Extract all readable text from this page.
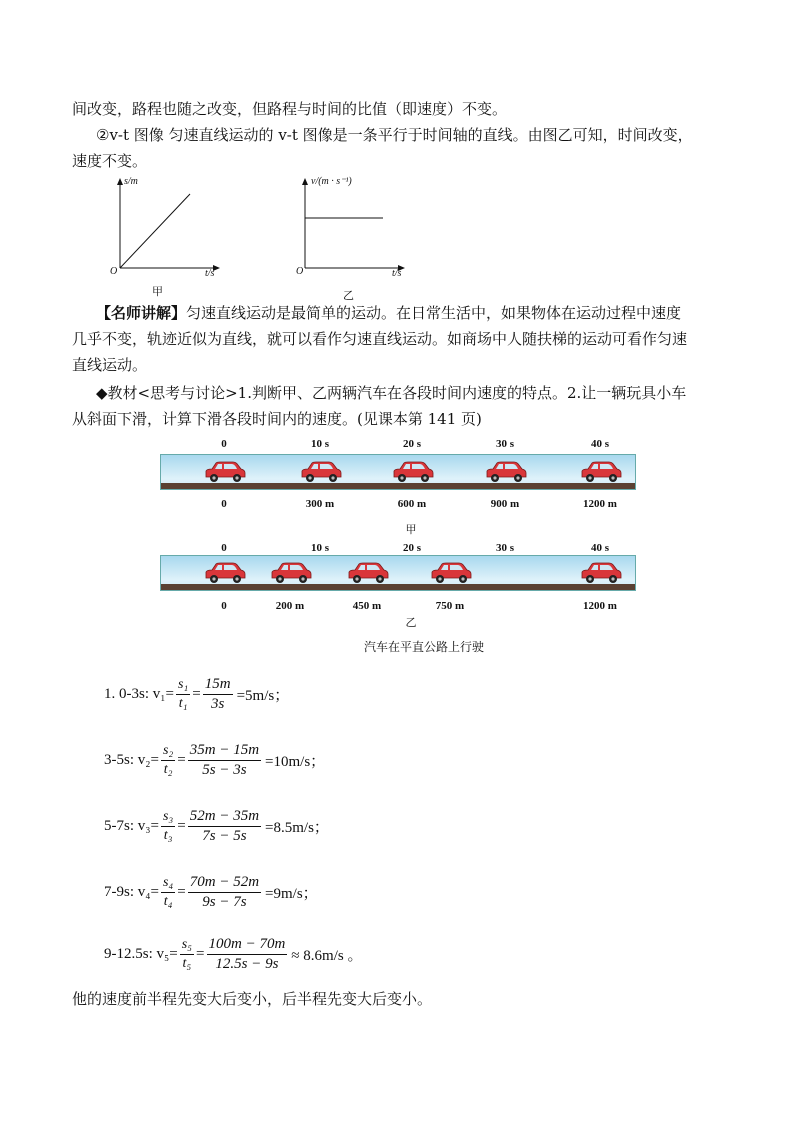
间改变，路程也随之改变，但路程与时间的比值（即速度）不变。
②v-t 图像 匀速直线运动的 v-t 图像是一条平行于时间轴的直线。由图乙可知，时间改变，
速度不变。
s/m
t/s
O
甲
v/(m · s⁻¹)
t/s
O
乙
【名师讲解】匀速直线运动是最简单的运动。在日常生活中，如果物体在运动过程中速度
几乎不变，轨迹近似为直线，就可以看作匀速直线运动。如商场中人随扶梯的运动可看作匀速
直线运动。
◆教材<思考与讨论>1.判断甲、乙两辆汽车在各段时间内速度的特点。2.让一辆玩具小车
从斜面下滑，计算下滑各段时间内的速度。(见课本第 141 页)
0	10 s	20 s	30 s	40 s
0	300 m	600 m	900 m	1200 m
甲
0	10 s	20 s	30 s	40 s
0	200 m	450 m	750 m	1200 m
乙
汽车在平直公路上行驶
1. 0-3s: $v_1= \frac{\text{s₁}}{\text{t₁}} = \frac{15m}{3s} =5m/s$；
3-5s: $v_2= \frac{\text{s₂}}{\text{t₂}} = \frac{35m - 15m}{5s - 3s} =10m/s$；
5-7s: $v_3= \frac{\text{s₃}}{\text{t₃}} = \frac{52m - 35m}{7s - 5s} =8.5m/s$；
7-9s: $v_4= \frac{\text{s₄}}{\text{t₄}} = \frac{70m - 52m}{9s - 7s} =9m/s$；
9-12.5s: $v_5= \frac{\text{s₅}}{\text{t₅}} = \frac{100m - 70m}{12.5s - 9s} \approx 8.6m/s$ 。
他的速度前半程先变大后变小，后半程先变大后变小。
